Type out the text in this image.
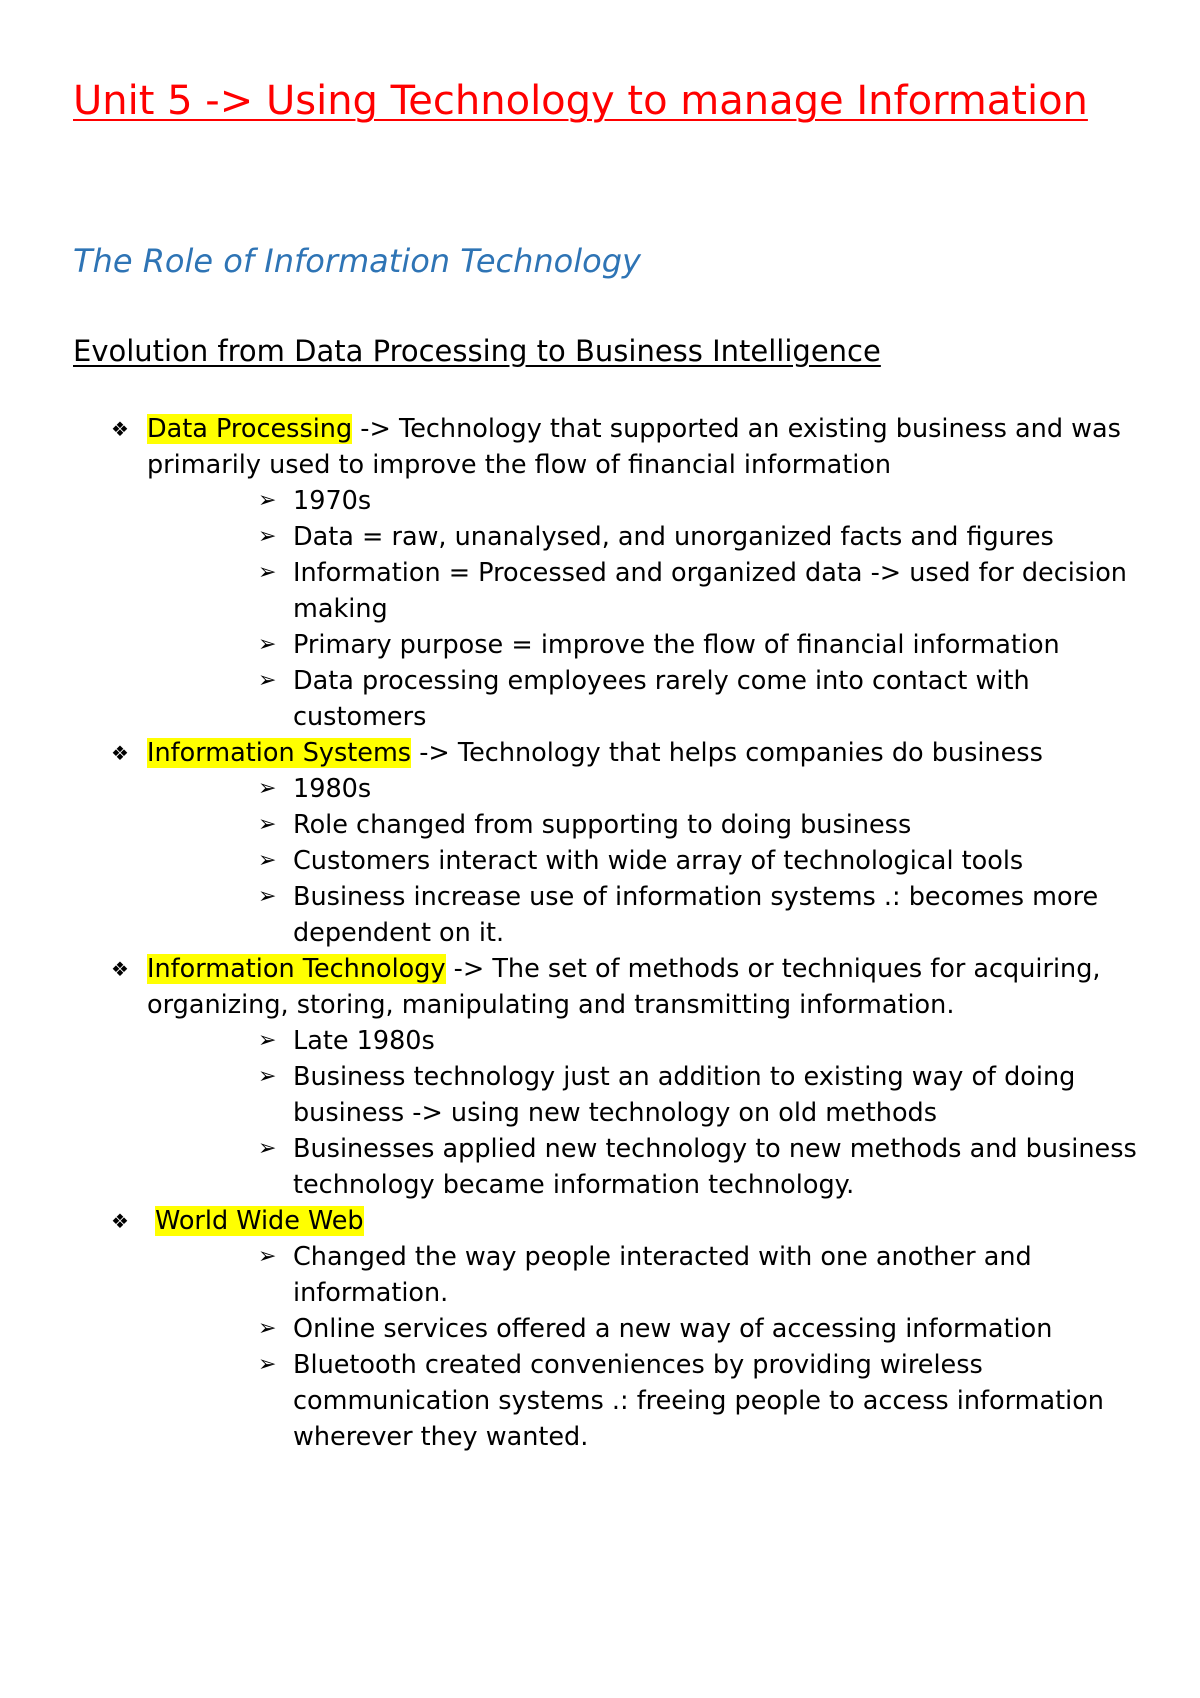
Unit 5 -> Using Technology to manage Information
The Role of Information Technology
Evolution from Data Processing to Business Intelligence
❖ Data Processing -> Technology that supported an existing business and was primarily used to improve the flow of financial information
➢ 1970s
➢ Data = raw, unanalysed, and unorganized facts and figures
➢ Information = Processed and organized data -> used for decision making
➢ Primary purpose = improve the flow of financial information
➢ Data processing employees rarely come into contact with customers
❖ Information Systems -> Technology that helps companies do business
➢ 1980s
➢ Role changed from supporting to doing business
➢ Customers interact with wide array of technological tools
➢ Business increase use of information systems .: becomes more dependent on it.
❖ Information Technology -> The set of methods or techniques for acquiring, organizing, storing, manipulating and transmitting information.
➢ Late 1980s
➢ Business technology just an addition to existing way of doing business -> using new technology on old methods
➢ Businesses applied new technology to new methods and business technology became information technology.
❖	World Wide Web
➢ Changed the way people interacted with one another and information.
➢ Online services offered a new way of accessing information
➢ Bluetooth created conveniences by providing wireless communication systems .: freeing people to access information wherever they wanted.
